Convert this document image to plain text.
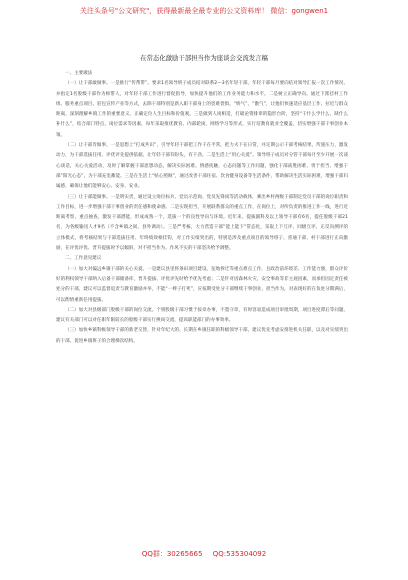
关注头条号"公文研究"，获得最新最全最专业的公文资料库！ 微信：gongwen1
在常态化激励干部担当作为座谈会交流发言稿

一、主要做法

（一）让干部敢做事。一是推行“传帮带”。要求1名领导班子成员结对联系2—3名年轻干部，年轻干部每月要向结对领导汇报一次工作情况，并指定1名股级干部作为师带人，对年轻干部工作进行督促指导，加快提升他们的工作业务能力和水平。二是树立正确导向。通过下派挂村工作组、服务重点项目、驻包宣传产业等方式，去除干部特别是新入职干部身上的畏难畏惧、“娇气”、“傲气”，让他们快速适应基层工作，拉近与群众距离，深刻理解乡镇工作的重要意义，正确定位人生目标和价值观。三是做到人岗相适，打破论资排辈的隐形台阶，坚持“干什么学什么，缺什么补什么”，结合部门特点、岗位需求等因素，每年采取推优教育、内部轮岗、网络学习等形式，实行培教育就业全覆盖，切实增强干部干事创业本领。

（二）让干部肯做事。一是思想上“打成共识”，引导年轻干部把工作干在平常，把力夫下在日常，并定期公示干部考核结果，传递压力，激发动力，为干部选拔任用、评优评先提供依据，让年轻干部有盼头，有干劲。二是生活上“用心关爱”。领导班子成员对分管干部每月至少开展一次谈心谈话，关心关爱活动，及时了解掌握干部思想动态，解决实际困难。情感抚触，心态问题等工作问题，强化干部战胜困难、勇于担当，增强干部“阳光心态”，为干部充电蓄能。三是在生活上“贴心照顾”，通过改善干部住宿、饮食健身设备等生活条件，帮助解决生活实际困难，增强干部归属感，确保让他们能够安心、安身、安业。

（三）让干部能做事。一是明实责，通过设立岗位标兵、党员示范岗、党员先锋岗等活动载体，乘出乡村两级干部制定党员干部的岗位职责和工作目标，进一步增强干部干事创业的责任感和使命感。二是实现担当，开展联系群众的重点工作，在岗位上，对所负责的推进工作一线，进行近距离考察，重点抽查，激发干部潜能，形成成熟一个，选拔一个的良性导向与环境。近年来，提拔副科及以上领导干部有6名，提任股级干部21名，为各级输送人才9名（不含乡镇之间、县外调动）。三是严考核，大力营造干部“能上能下”常态化，采取上下互评、同级互评、正反向测评的立体模式，将考核结果与干部选拔任用、年终绩效相挂钩，对工作实绩突出的，特别是涉及重点项目的领导班子、普通干部，村干部进行正向激励，在评优评优、晋升提拔时予以倾斜，对不担当作为、作风不实的干部坚决给予调整。

二、工作意见建议

（一）加大对偏远乡镇干部的关心关爱。一是建议县里将条田项目建设、征地拆迁等重点难点工作，且政治前环境差、工作能力强，群众评价好的利权领导干部纳入后备干部储备库，晋升提拔、评优评先时给予优先考虑；二是针对因森林火灾、安全事故等非主观因素，而承担固定责任被处分的干部，建议可以监督追责与教育激励并举，不能“一棒子打死”，应按期受处分干部继续干事创业，担当作为，对表现好的在负处分期满后，可以酌情重新任用提拔。

（二）加大对县级部门股级干部的岗位交流。个别股级干部习惯于按章办事，不墨守章，有时容易造成项目审批周期，项目进度滞后等问题。建议有关部门可以对任职年限较长的股级干部实行换岗交流，提高职能部门的办事效率。

（三）加快乡镇科级领导干部的新老交替，针对年纪大的、长期在乡镇任职的科级领导干部，建议优先考虑安排进机关任职，以及对实绩突出的干部，促进乡镇班子的合理梯次结构。

QQ群：30265665 QQ:535304092
